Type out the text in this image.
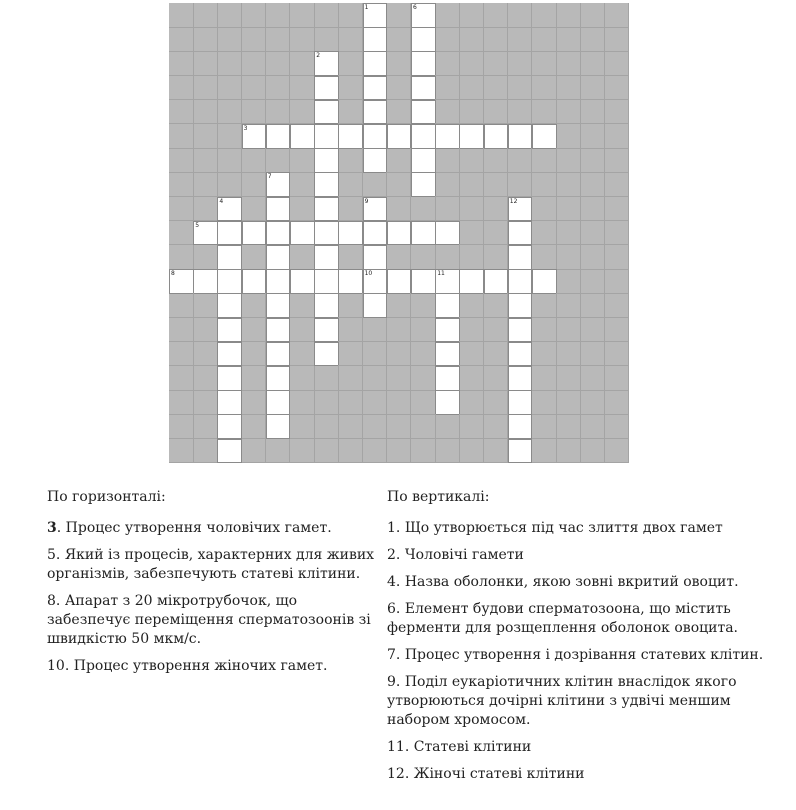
1	6
2
3
7
4	9	12
5
8	10	11

По горизонталі:

3. Процес утворення чоловічих гамет.

5. Який із процесів, характерних для живих організмів, забезпечують статеві клітини.

8. Апарат з 20 мікротрубочок, що забезпечує переміщення сперматозоонів зі швидкістю 50 мкм/с.

10. Процес утворення жіночих гамет.

По вертикалі:

1. Що утворюється під час злиття двох гамет

2. Чоловічі гамети

4. Назва оболонки, якою зовні вкритий овоцит.

6. Елемент будови сперматозоона, що містить ферменти для розщеплення оболонок овоцита.

7. Процес утворення і дозрівання статевих клітин.

9. Поділ еукаріотичних клітин внаслідок якого утворюються дочірні клітини з удвічі меншим набором хромосом.

11. Статеві клітини

12. Жіночі статеві клітини
